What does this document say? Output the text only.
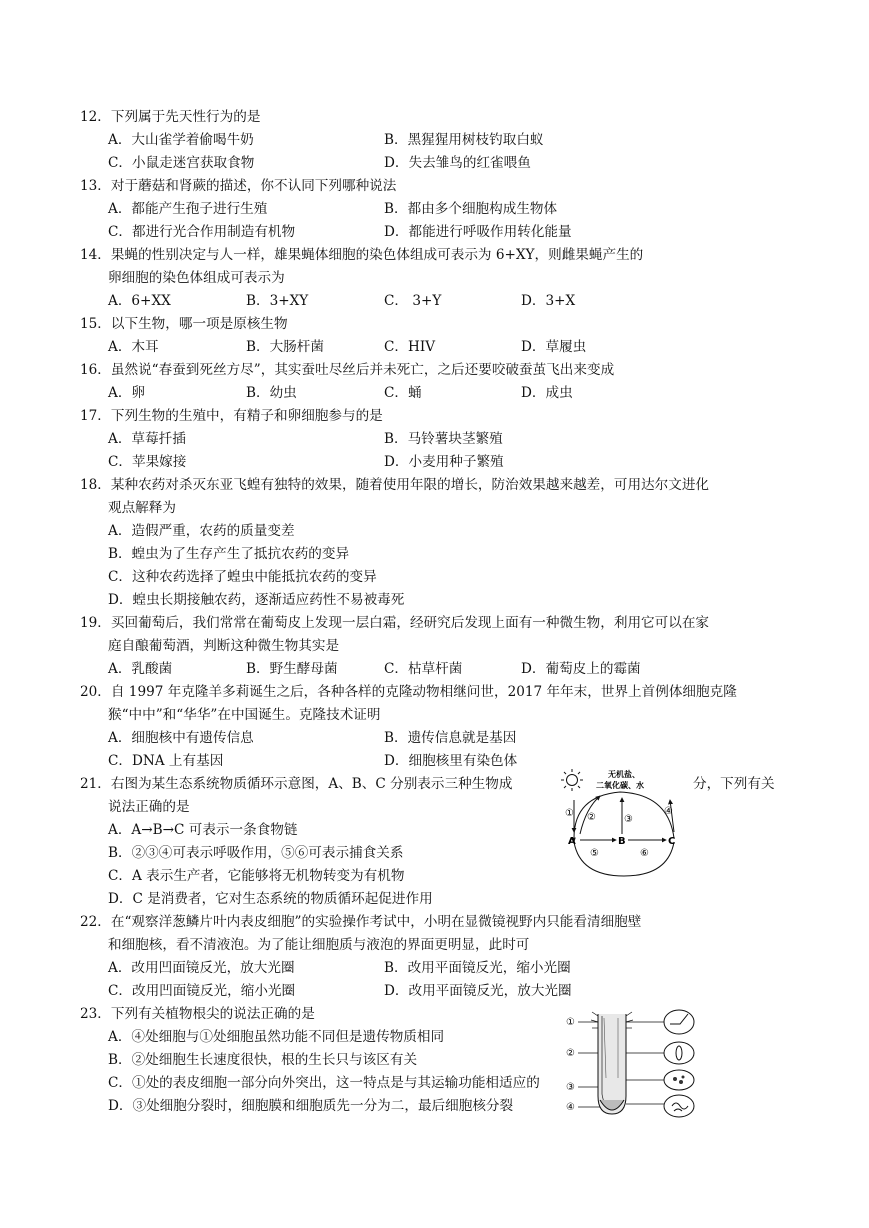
12．下列属于先天性行为的是
A．大山雀学着偷喝牛奶	B．黑猩猩用树枝钓取白蚁
C．小鼠走迷宫获取食物	D．失去雏鸟的红雀喂鱼
13．对于蘑菇和肾蕨的描述，你不认同下列哪种说法
A．都能产生孢子进行生殖	B．都由多个细胞构成生物体
C．都进行光合作用制造有机物	D．都能进行呼吸作用转化能量
14．果蝇的性别决定与人一样，雄果蝇体细胞的染色体组成可表示为 6+XY，则雌果蝇产生的
卵细胞的染色体组成可表示为
A．6+XX	B．3+XY	C． 3+Y	D．3+X
15．以下生物，哪一项是原核生物
A．木耳	B．大肠杆菌	C．HIV	D．草履虫
16．虽然说“春蚕到死丝方尽”，其实蚕吐尽丝后并未死亡，之后还要咬破蚕茧飞出来变成
A．卵	B．幼虫	C．蛹	D．成虫
17．下列生物的生殖中，有精子和卵细胞参与的是
A．草莓扦插	B．马铃薯块茎繁殖
C．苹果嫁接	D．小麦用种子繁殖
18．某种农药对杀灭东亚飞蝗有独特的效果，随着使用年限的增长，防治效果越来越差，可用达尔文进化
观点解释为
A．造假严重，农药的质量变差
B．蝗虫为了生存产生了抵抗农药的变异
C．这种农药选择了蝗虫中能抵抗农药的变异
D．蝗虫长期接触农药，逐渐适应药性不易被毒死
19．买回葡萄后，我们常常在葡萄皮上发现一层白霜，经研究后发现上面有一种微生物，利用它可以在家
庭自酿葡萄酒，判断这种微生物其实是
A．乳酸菌	B．野生酵母菌	C．枯草杆菌	D．葡萄皮上的霉菌
20．自 1997 年克隆羊多莉诞生之后，各种各样的克隆动物相继问世，2017 年年末，世界上首例体细胞克隆
猴“中中”和“华华”在中国诞生。克隆技术证明
A．细胞核中有遗传信息	B．遗传信息就是基因
C．DNA 上有基因	D．细胞核里有染色体
21．右图为某生态系统物质循环示意图，A、B、C 分别表示三种生物成	分，下列有关
说法正确的是
A．A→B→C 可表示一条食物链
B．②③④可表示呼吸作用，⑤⑥可表示捕食关系
C．A 表示生产者，它能够将无机物转变为有机物
D．C 是消费者，它对生态系统的物质循环起促进作用
无机盐、
二氧化碳、水
A	B	C
① ②	③
④
⑤	⑥
22．在“观察洋葱鳞片叶内表皮细胞”的实验操作考试中，小明在显微镜视野内只能看清细胞壁
和细胞核，看不清液泡。为了能让细胞质与液泡的界面更明显，此时可
A．改用凹面镜反光，放大光圈	B．改用平面镜反光，缩小光圈
C．改用凹面镜反光，缩小光圈	D．改用平面镜反光，放大光圈
23．下列有关植物根尖的说法正确的是
A．④处细胞与①处细胞虽然功能不同但是遗传物质相同
B．②处细胞生长速度很快，根的生长只与该区有关
C．①处的表皮细胞一部分向外突出，这一特点是与其运输功能相适应的
D．③处细胞分裂时，细胞膜和细胞质先一分为二，最后细胞核分裂
①
②
③
④
